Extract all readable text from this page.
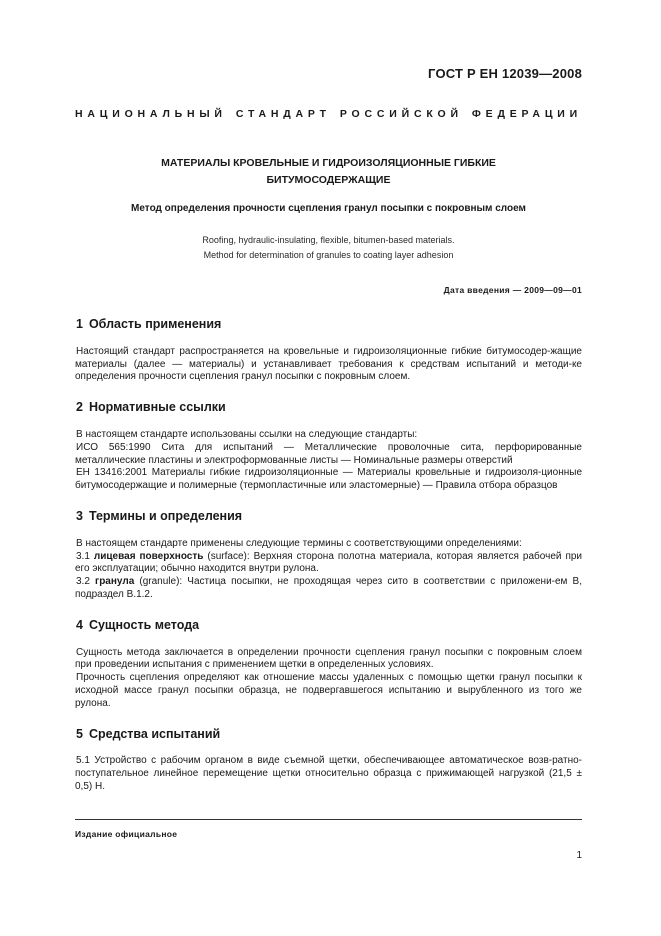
ГОСТ Р ЕН 12039—2008
НАЦИОНАЛЬНЫЙ СТАНДАРТ РОССИЙСКОЙ ФЕДЕРАЦИИ
МАТЕРИАЛЫ КРОВЕЛЬНЫЕ И ГИДРОИЗОЛЯЦИОННЫЕ ГИБКИЕ
БИТУМОСОДЕРЖАЩИЕ
Метод определения прочности сцепления гранул посыпки с покровным слоем
Roofing, hydraulic-insulating, flexible, bitumen-based materials.
Method for determination of granules to coating layer adhesion
Дата введения — 2009—09—01
1 Область применения

Настоящий стандарт распространяется на кровельные и гидроизоляционные гибкие битумосодер-жащие материалы (далее — материалы) и устанавливает требования к средствам испытаний и методи-ке определения прочности сцепления гранул посыпки с покровным слоем.

2 Нормативные ссылки

В настоящем стандарте использованы ссылки на следующие стандарты:

ИСО 565:1990 Сита для испытаний — Металлические проволочные сита, перфорированные металлические пластины и электроформованные листы — Номинальные размеры отверстий

ЕН 13416:2001 Материалы гибкие гидроизоляционные — Материалы кровельные и гидроизоля-ционные битумосодержащие и полимерные (термопластичные или эластомерные) — Правила отбора образцов

3 Термины и определения

В настоящем стандарте применены следующие термины с соответствующими определениями:

3.1 лицевая поверхность (surface): Верхняя сторона полотна материала, которая является рабочей при его эксплуатации; обычно находится внутри рулона.

3.2 гранула (granule): Частица посыпки, не проходящая через сито в соответствии с приложени-ем В, подраздел В.1.2.

4 Сущность метода

Сущность метода заключается в определении прочности сцепления гранул посыпки с покровным слоем при проведении испытания с применением щетки в определенных условиях.

Прочность сцепления определяют как отношение массы удаленных с помощью щетки гранул посыпки к исходной массе гранул посыпки образца, не подвергавшегося испытанию и вырубленного из того же рулона.

5 Средства испытаний

5.1 Устройство с рабочим органом в виде съемной щетки, обеспечивающее автоматическое возв-ратно-поступательное линейное перемещение щетки относительно образца с прижимающей нагрузкой (21,5 ± 0,5) Н.

Издание официальное
1
